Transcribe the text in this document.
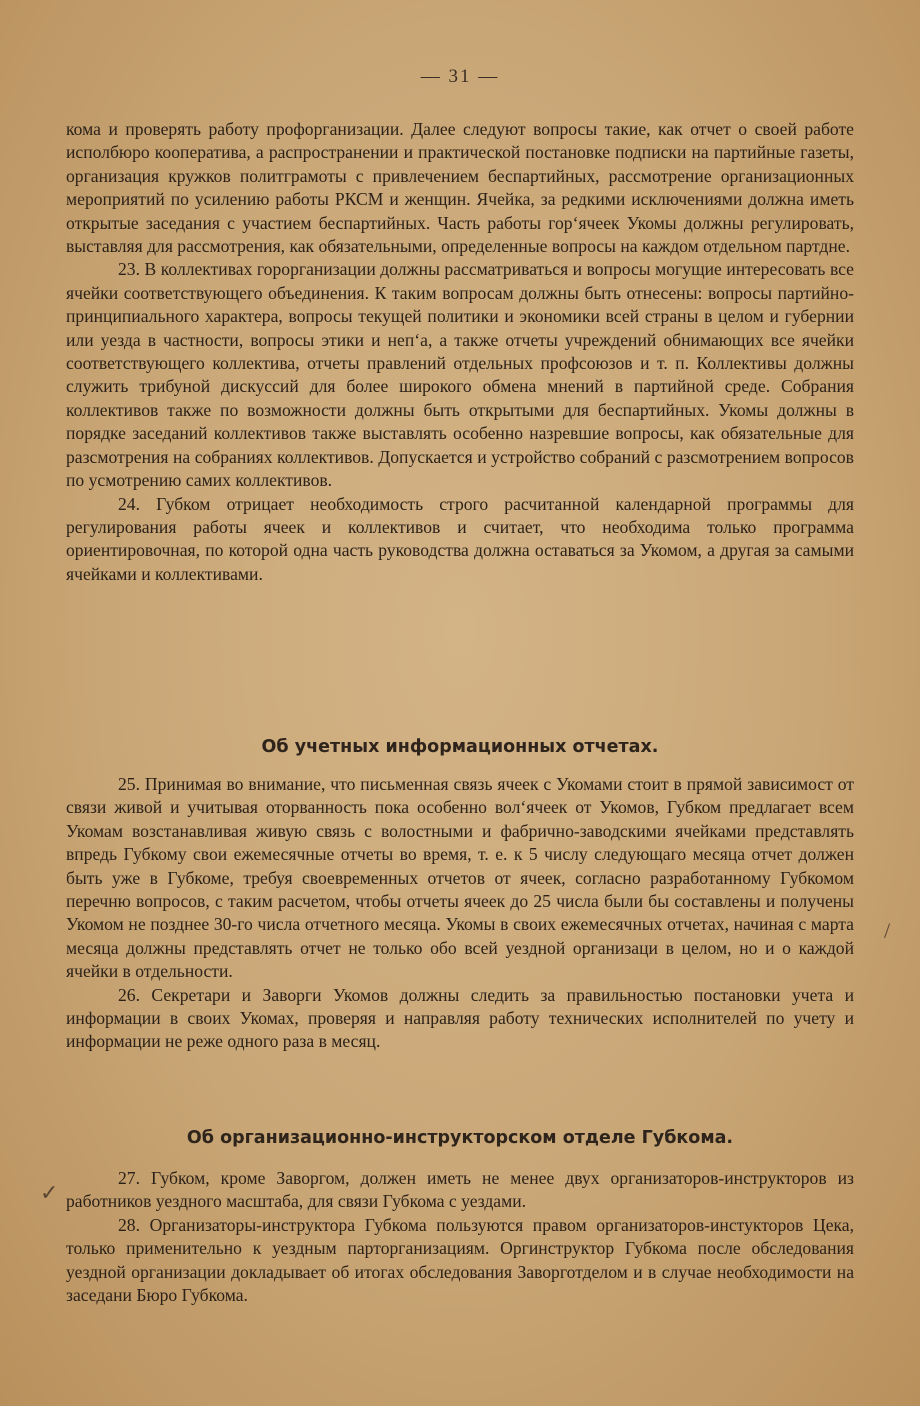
— 31 —

кома и проверять работу профорганизации. Далее следуют вопросы такие, как отчет о своей работе исполбюро кооператива, а распространении и практической постановке подписки на партийные газеты, организация кружков политграмоты с привлечением беспартийных, рассмотрение организационных мероприятий по усилению работы РКСМ и женщин. Ячейка, за редкими исключениями должна иметь открытые заседания с участием беспартийных. Часть работы гор‘ячеек Укомы должны регулировать, выставляя для рассмотрения, как обязательными, определенные вопросы на каждом отдельном партдне.

23. В коллективах горорганизации должны рассматриваться и вопросы могущие интересовать все ячейки соответствующего объединения. К таким вопросам должны быть отнесены: вопросы партийно-принципиального характера, вопросы текущей политики и экономики всей страны в целом и губернии или уезда в частности, вопросы этики и неп‘а, а также отчеты учреждений обнимающих все ячейки соответствующего коллектива, отчеты правлений отдельных профсоюзов и т. п. Коллективы должны служить трибуной дискуссий для более широкого обмена мнений в партийной среде. Собрания коллективов также по возможности должны быть открытыми для беспартийных. Укомы должны в порядке заседаний коллективов также выставлять особенно назревшие вопросы, как обязательные для разсмотрения на собраниях коллективов. Допускается и устройство собраний с разсмотрением вопросов по усмотрению самих коллективов.

24. Губком отрицает необходимость строго расчитанной календарной программы для регулирования работы ячеек и коллективов и считает, что необходима только программа ориентировочная, по которой одна часть руководства должна оставаться за Укомом, а другая за самыми ячейками и коллективами.

Об учетных информационных отчетах.

25. Принимая во внимание, что письменная связь ячеек с Укомами стоит в прямой зависимост от связи живой и учитывая оторванность пока особенно вол‘ячеек от Укомов, Губком предлагает всем Укомам возстанавливая живую связь с волостными и фабрично-заводскими ячейками представлять впредь Губкому свои ежемесячные отчеты во время, т. е. к 5 числу следующаго месяца отчет должен быть уже в Губкоме, требуя своевременных отчетов от ячеек, согласно разработанному Губкомом перечню вопросов, с таким расчетом, чтобы отчеты ячеек до 25 числа были бы составлены и получены Укомом не позднее 30-го числа отчетного месяца. Укомы в своих ежемесячных отчетах, начиная с марта месяца должны представлять отчет не только обо всей уездной организаци в целом, но и о каждой ячейки в отдельности.

26. Секретари и Заворги Укомов должны следить за правильностью постановки учета и информации в своих Укомах, проверяя и направляя работу технических исполнителей по учету и информации не реже одного раза в месяц.

Об организационно-инструкторском отделе Губкома.

27. Губком, кроме Заворгом, должен иметь не менее двух организаторов-инструкторов из работников уездного масштаба, для связи Губкома с уездами.

28. Организаторы-инструктора Губкома пользуются правом организаторов-инстукторов Цека, только применительно к уездным парторганизациям. Оргинструктор Губкома после обследования уездной организации докладывает об итогах обследования Заворготделом и в случае необходимости на заседани Бюро Губкома.

/
✓
